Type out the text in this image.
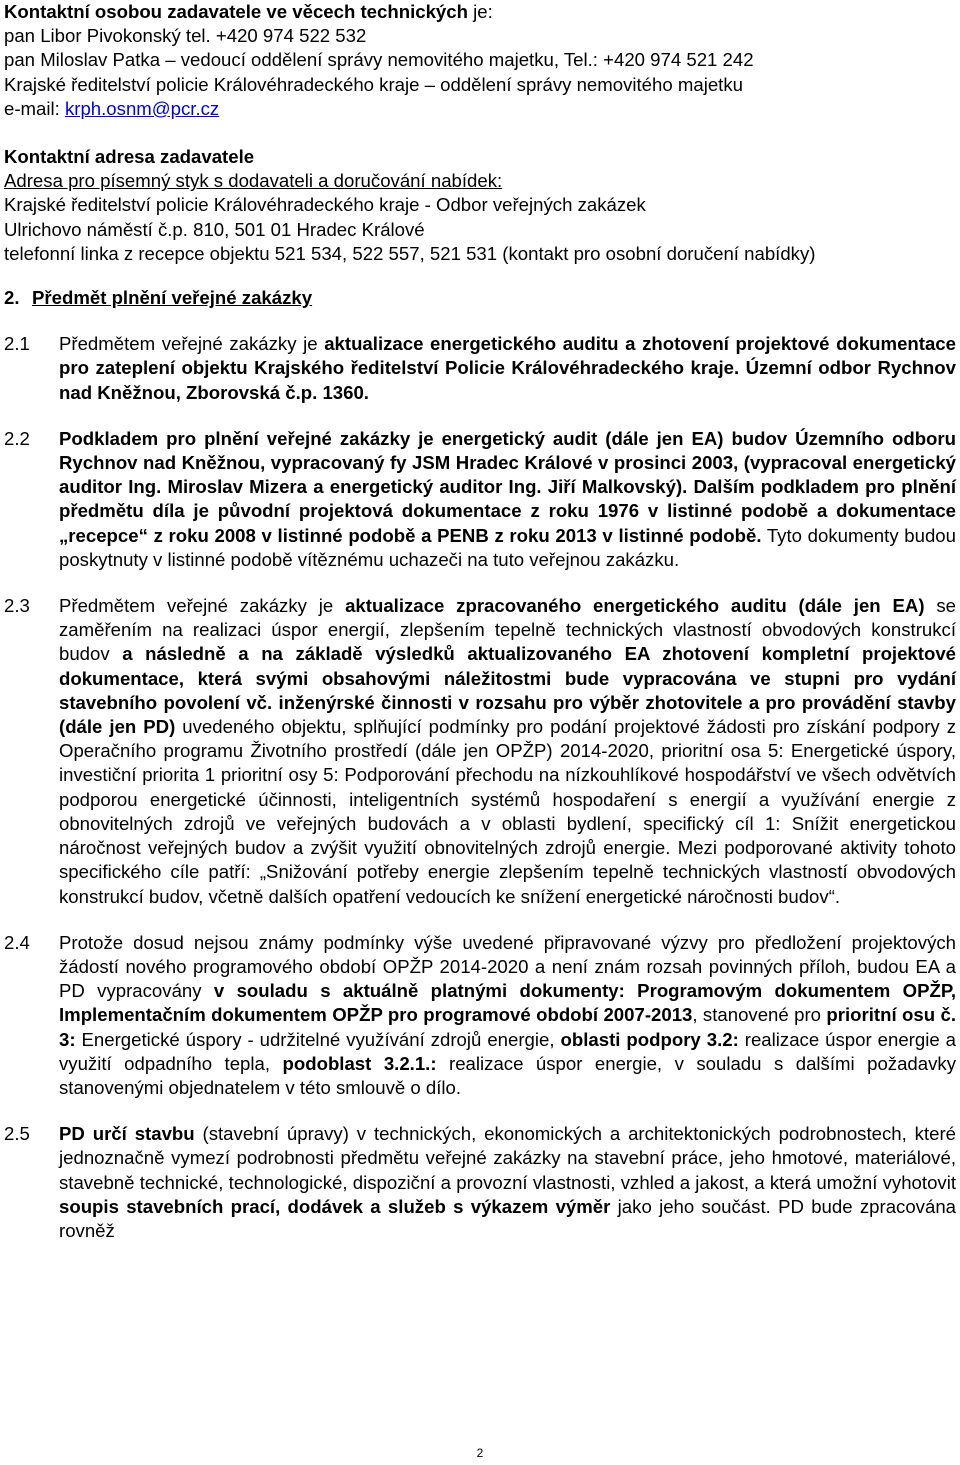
Kontaktní osobou zadavatele ve věcech technických je:

pan Libor Pivokonský tel. +420 974 522 532

pan Miloslav Patka – vedoucí oddělení správy nemovitého majetku, Tel.: +420 974 521 242

Krajské ředitelství policie Královéhradeckého kraje – oddělení správy nemovitého majetku

e-mail: krph.osnm@pcr.cz

Kontaktní adresa zadavatele

Adresa pro písemný styk s dodavateli a doručování nabídek:

Krajské ředitelství policie Královéhradeckého kraje - Odbor veřejných zakázek

Ulrichovo náměstí č.p. 810, 501 01 Hradec Králové

telefonní linka z recepce objektu 521 534, 522 557, 521 531 (kontakt pro osobní doručení nabídky)

2. Předmět plnění veřejné zakázky

2.1	Předmětem veřejné zakázky je aktualizace energetického auditu a zhotovení projektové dokumentace pro zateplení objektu Krajského ředitelství Policie Královéhradeckého kraje. Územní odbor Rychnov nad Kněžnou, Zborovská č.p. 1360.
2.2	Podkladem pro plnění veřejné zakázky je energetický audit (dále jen EA) budov Územního odboru Rychnov nad Kněžnou, vypracovaný fy JSM Hradec Králové v prosinci 2003, (vypracoval energetický auditor Ing. Miroslav Mizera a energetický auditor Ing. Jiří Malkovský). Dalším podkladem pro plnění předmětu díla je původní projektová dokumentace z roku 1976 v listinné podobě a dokumentace „recepce“ z roku 2008 v listinné podobě a PENB z roku 2013 v listinné podobě. Tyto dokumenty budou poskytnuty v listinné podobě vítěznému uchazeči na tuto veřejnou zakázku.
2.3	Předmětem veřejné zakázky je aktualizace zpracovaného energetického auditu (dále jen EA) se zaměřením na realizaci úspor energií, zlepšením tepelně technických vlastností obvodových konstrukcí budov a následně a na základě výsledků aktualizovaného EA zhotovení kompletní projektové dokumentace, která svými obsahovými náležitostmi bude vypracována ve stupni pro vydání stavebního povolení vč. inženýrské činnosti v rozsahu pro výběr zhotovitele a pro provádění stavby (dále jen PD) uvedeného objektu, splňující podmínky pro podání projektové žádosti pro získání podpory z Operačního programu Životního prostředí (dále jen OPŽP) 2014-2020, prioritní osa 5: Energetické úspory, investiční priorita 1 prioritní osy 5: Podporování přechodu na nízkouhlíkové hospodářství ve všech odvětvích podporou energetické účinnosti, inteligentních systémů hospodaření s energií a využívání energie z obnovitelných zdrojů ve veřejných budovách a v oblasti bydlení, specifický cíl 1: Snížit energetickou náročnost veřejných budov a zvýšit využití obnovitelných zdrojů energie. Mezi podporované aktivity tohoto specifického cíle patří: „Snižování potřeby energie zlepšením tepelně technických vlastností obvodových konstrukcí budov, včetně dalších opatření vedoucích ke snížení energetické náročnosti budov“.
2.4	Protože dosud nejsou známy podmínky výše uvedené připravované výzvy pro předložení projektových žádostí nového programového období OPŽP 2014-2020 a není znám rozsah povinných příloh, budou EA a PD vypracovány v souladu s aktuálně platnými dokumenty: Programovým dokumentem OPŽP, Implementačním dokumentem OPŽP pro programové období 2007-2013, stanovené pro prioritní osu č. 3: Energetické úspory - udržitelné využívání zdrojů energie, oblasti podpory 3.2: realizace úspor energie a využití odpadního tepla, podoblast 3.2.1.: realizace úspor energie, v souladu s dalšími požadavky stanovenými objednatelem v této smlouvě o dílo.
2.5	PD určí stavbu (stavební úpravy) v technických, ekonomických a architektonických podrobnostech, které jednoznačně vymezí podrobnosti předmětu veřejné zakázky na stavební práce, jeho hmotové, materiálové, stavebně technické, technologické, dispoziční a provozní vlastnosti, vzhled a jakost, a která umožní vyhotovit soupis stavebních prací, dodávek a služeb s výkazem výměr jako jeho součást. PD bude zpracována rovněž
2
